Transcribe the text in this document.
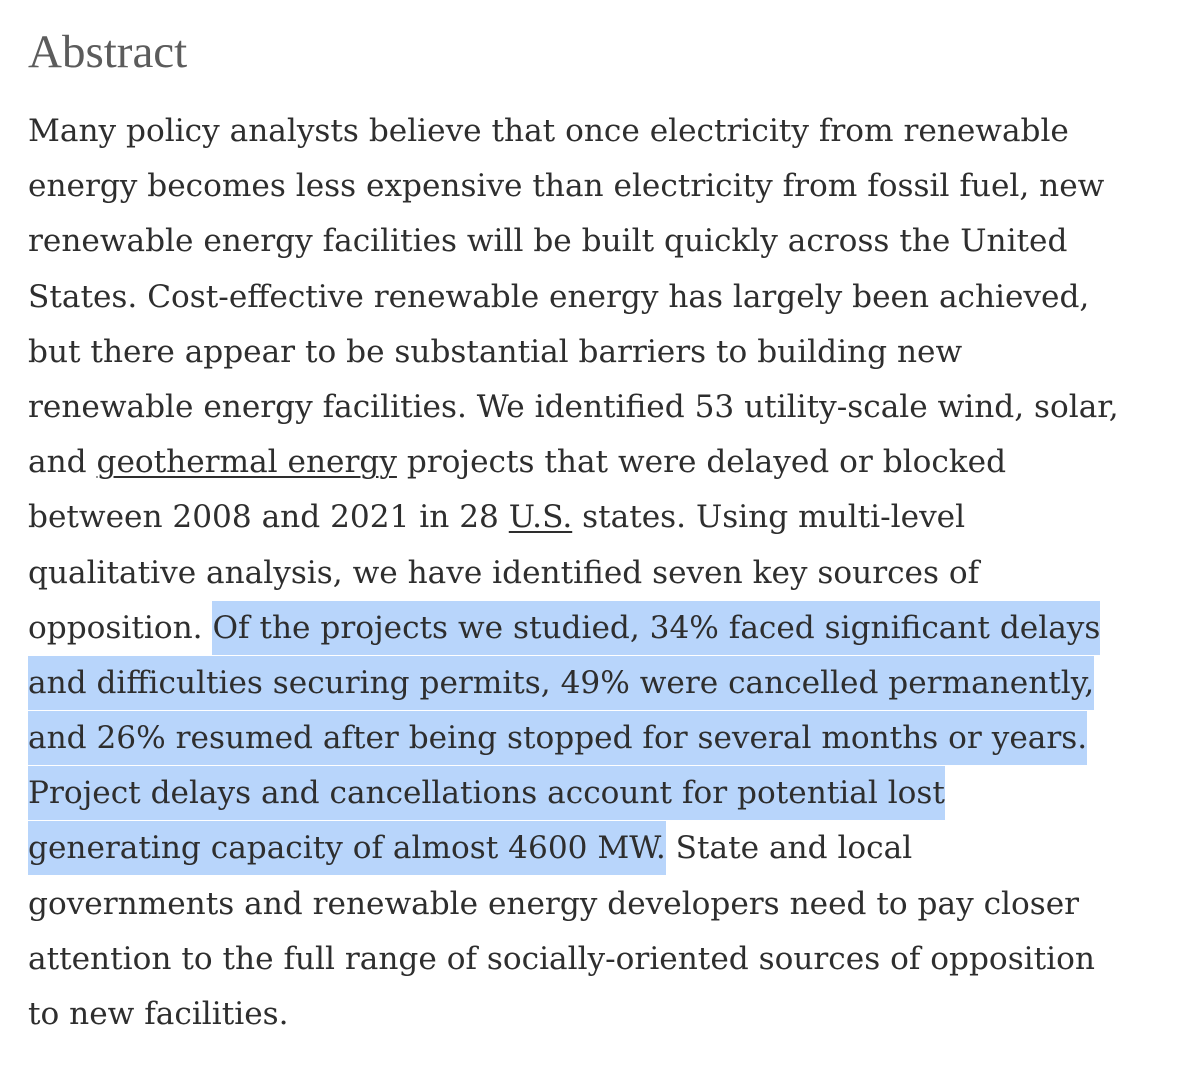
Abstract
Many policy analysts believe that once electricity from renewable
energy becomes less expensive than electricity from fossil fuel, new
renewable energy facilities will be built quickly across the United
States. Cost-effective renewable energy has largely been achieved,
but there appear to be substantial barriers to building new
renewable energy facilities. We identified 53 utility-scale wind, solar,
and geothermal energy projects that were delayed or blocked
between 2008 and 2021 in 28 U.S. states. Using multi-level
qualitative analysis, we have identified seven key sources of
opposition. Of the projects we studied, 34% faced significant delays
and difficulties securing permits, 49% were cancelled permanently,
and 26% resumed after being stopped for several months or years.
Project delays and cancellations account for potential lost
generating capacity of almost 4600 MW. State and local
governments and renewable energy developers need to pay closer
attention to the full range of socially-oriented sources of opposition
to new facilities.
